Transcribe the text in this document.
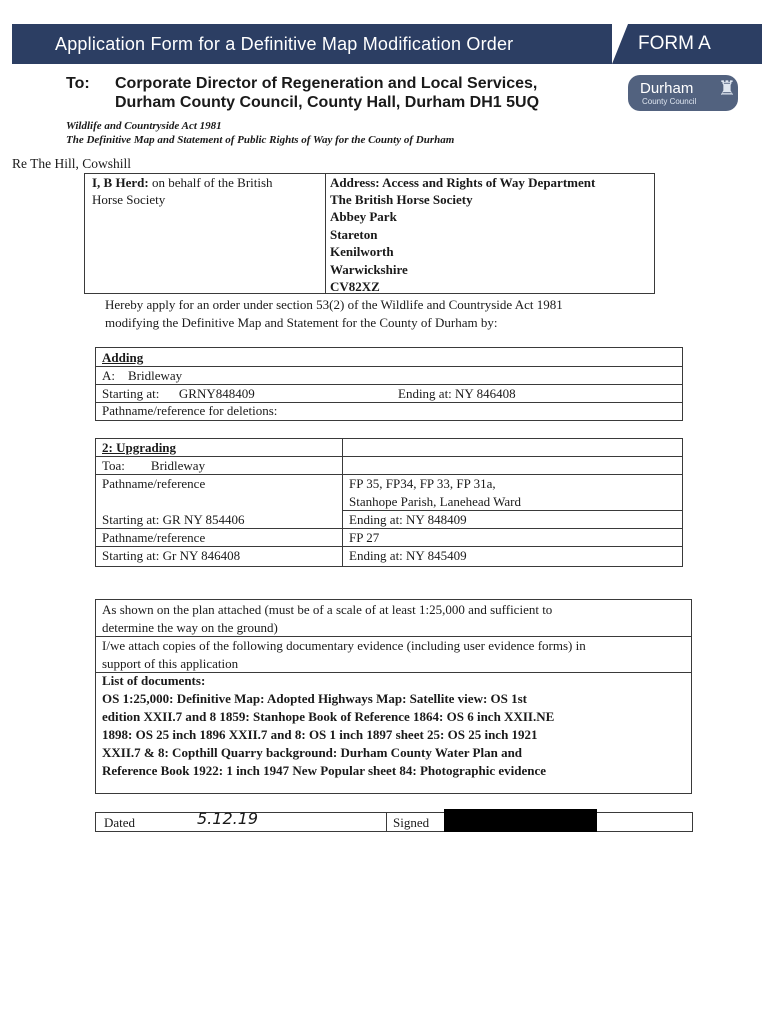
Application Form for a Definitive Map Modification Order	FORM A
To: Corporate Director of Regeneration and Local Services,
Durham County Council, County Hall, Durham DH1 5UQ
Durham
County Council
♜
Wildlife and Countryside Act 1981
The Definitive Map and Statement of Public Rights of Way for the County of Durham
Re The Hill, Cowshill
I, B Herd: on behalf of the British
Horse Society
Address: Access and Rights of Way Department
The British Horse Society
Abbey Park
Stareton
Kenilworth
Warwickshire
CV82XZ
Hereby apply for an order under section 53(2) of the Wildlife and Countryside Act 1981
modifying the Definitive Map and Statement for the County of Durham by:
Adding
A:    Bridleway
Starting at:      GRNY848409	Ending at: NY 846408
Pathname/reference for deletions:
2: Upgrading
Toa:        Bridleway
Pathname/reference	FP 35, FP34, FP 33, FP 31a,
Stanhope Parish, Lanehead Ward
Starting at: GR NY 854406	Ending at: NY 848409
Pathname/reference	FP 27
Starting at: Gr NY 846408	Ending at: NY 845409
As shown on the plan attached (must be of a scale of at least 1:25,000 and sufficient to
determine the way on the ground)
I/we attach copies of the following documentary evidence (including user evidence forms) in
support of this application
List of documents:
OS 1:25,000: Definitive Map: Adopted Highways Map: Satellite view: OS 1st
edition XXII.7 and 8 1859: Stanhope Book of Reference 1864: OS 6 inch XXII.NE
1898: OS 25 inch 1896 XXII.7 and 8: OS 1 inch 1897 sheet 25: OS 25 inch 1921
XXII.7 & 8: Copthill Quarry background: Durham County Water Plan and
Reference Book 1922: 1 inch 1947 New Popular sheet 84: Photographic evidence
Dated	5.12.19	Signed
